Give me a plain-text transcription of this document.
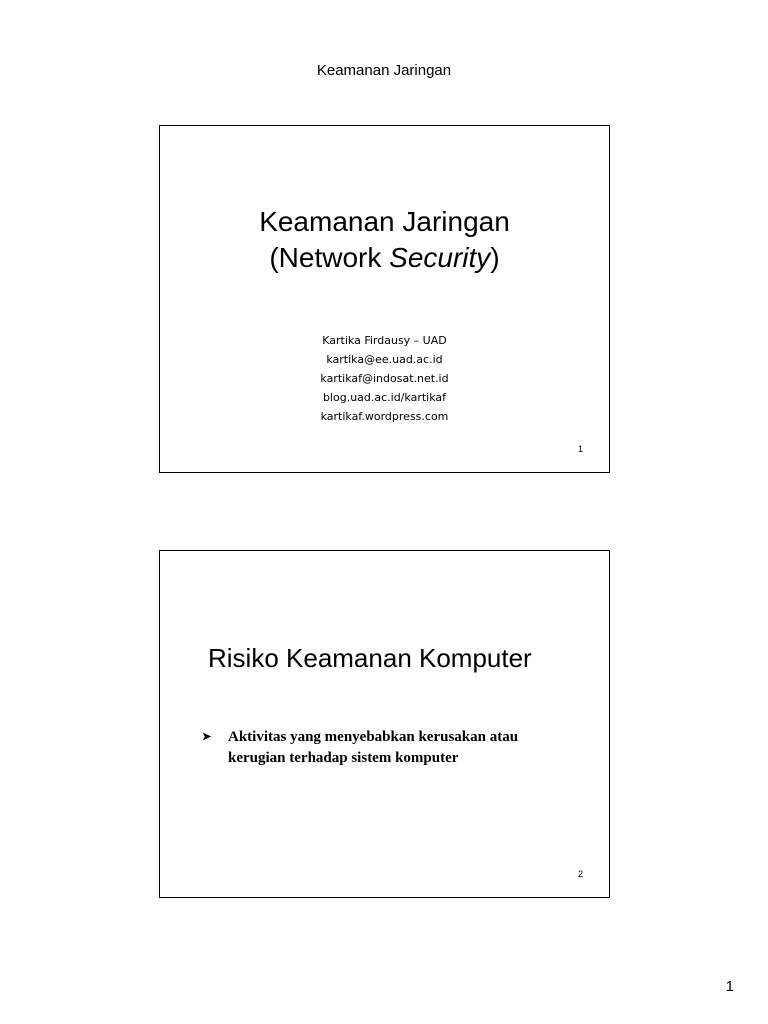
Keamanan Jaringan
Keamanan Jaringan
(Network Security)
Kartika Firdausy – UAD
kartika@ee.uad.ac.id
kartikaf@indosat.net.id
blog.uad.ac.id/kartikaf
kartikaf.wordpress.com
1
Risiko Keamanan Komputer
➤	Aktivitas yang menyebabkan kerusakan atau
kerugian terhadap sistem komputer
2
1
